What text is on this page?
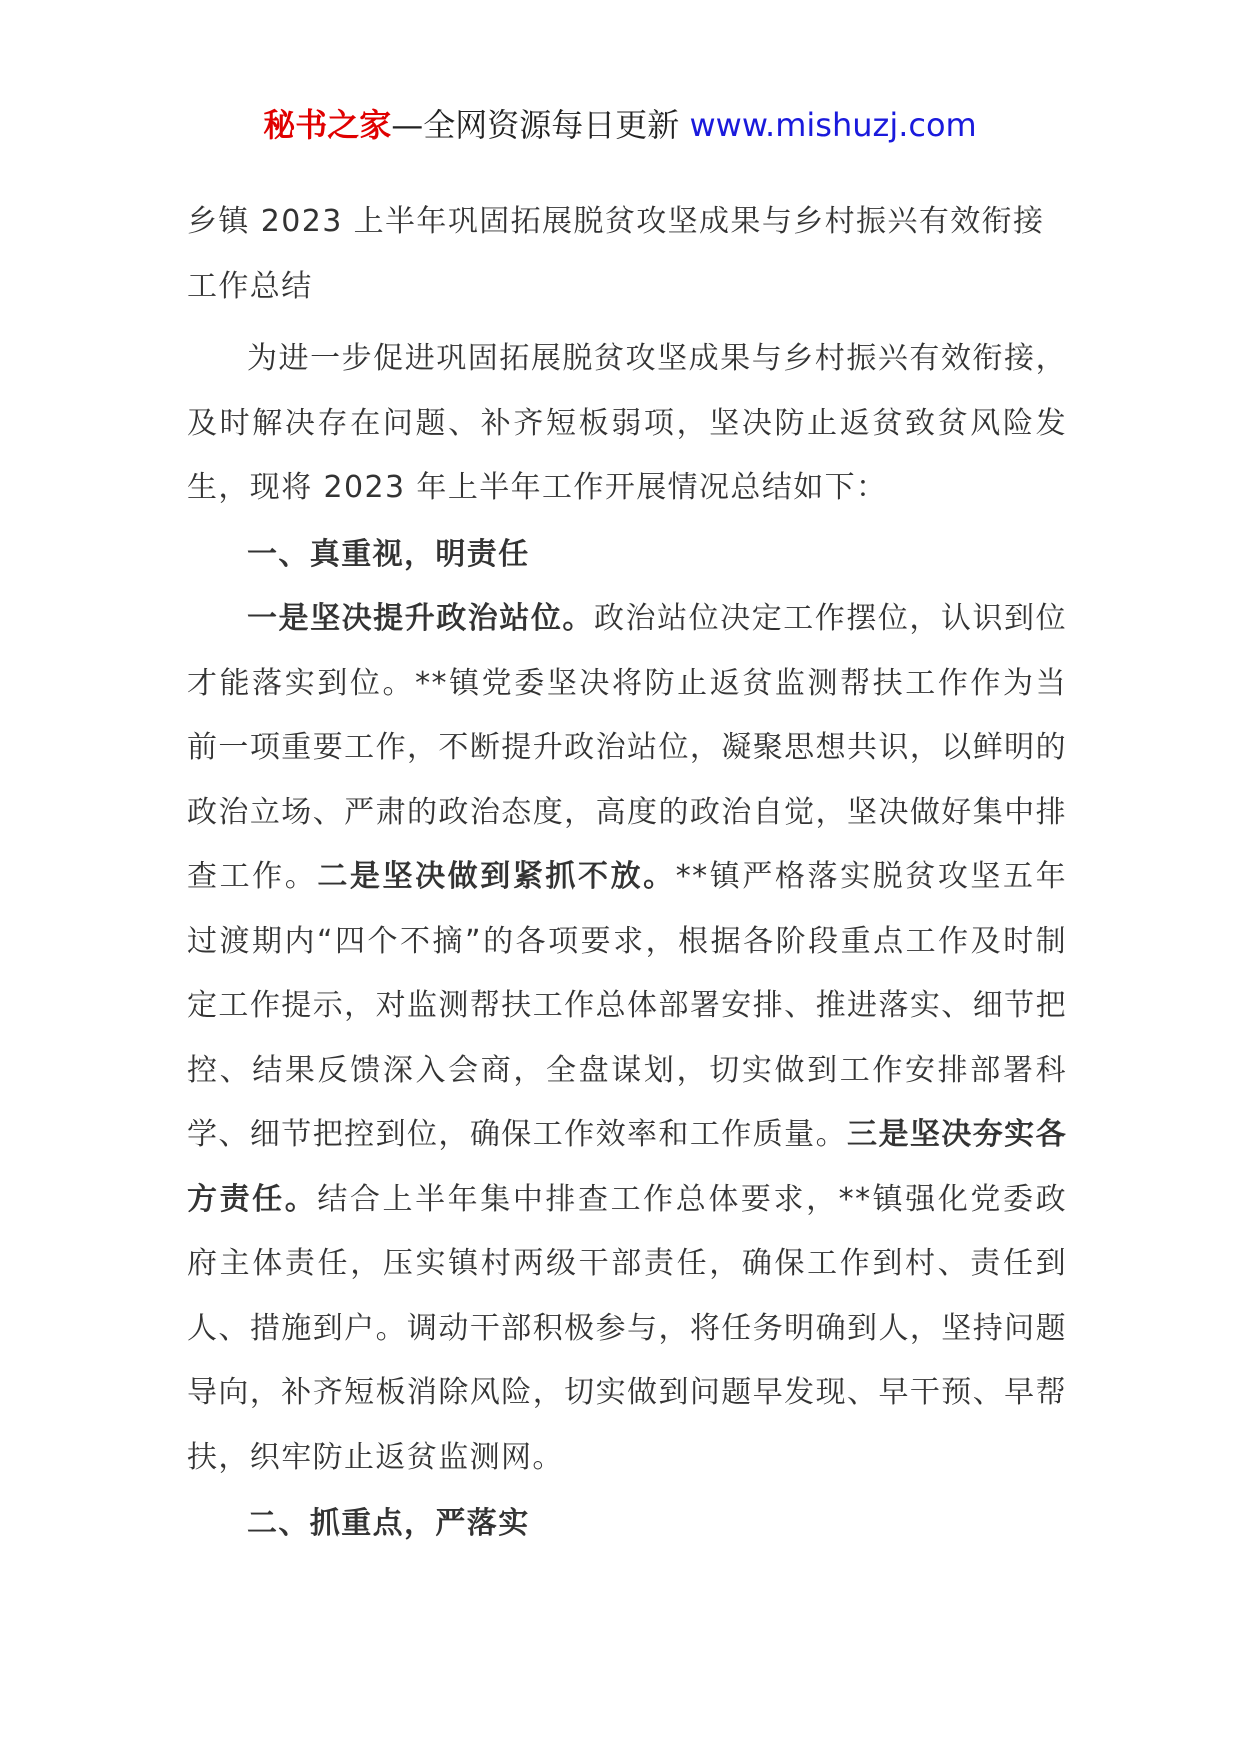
秘书之家—全网资源每日更新 www.mishuzj.com

乡镇 2023 上半年巩固拓展脱贫攻坚成果与乡村振兴有效衔接
工作总结

为进一步促进巩固拓展脱贫攻坚成果与乡村振兴有效衔接，及时解决存在问题、补齐短板弱项，坚决防止返贫致贫风险发生，现将 2023 年上半年工作开展情况总结如下：

一、真重视，明责任

一是坚决提升政治站位。政治站位决定工作摆位，认识到位才能落实到位。**镇党委坚决将防止返贫监测帮扶工作作为当前一项重要工作，不断提升政治站位，凝聚思想共识，以鲜明的政治立场、严肃的政治态度，高度的政治自觉，坚决做好集中排查工作。二是坚决做到紧抓不放。**镇严格落实脱贫攻坚五年过渡期内“四个不摘”的各项要求，根据各阶段重点工作及时制定工作提示，对监测帮扶工作总体部署安排、推进落实、细节把控、结果反馈深入会商，全盘谋划，切实做到工作安排部署科学、细节把控到位，确保工作效率和工作质量。三是坚决夯实各方责任。结合上半年集中排查工作总体要求，**镇强化党委政府主体责任，压实镇村两级干部责任，确保工作到村、责任到人、措施到户。调动干部积极参与，将任务明确到人，坚持问题导向，补齐短板消除风险，切实做到问题早发现、早干预、早帮扶，织牢防止返贫监测网。

二、抓重点，严落实
